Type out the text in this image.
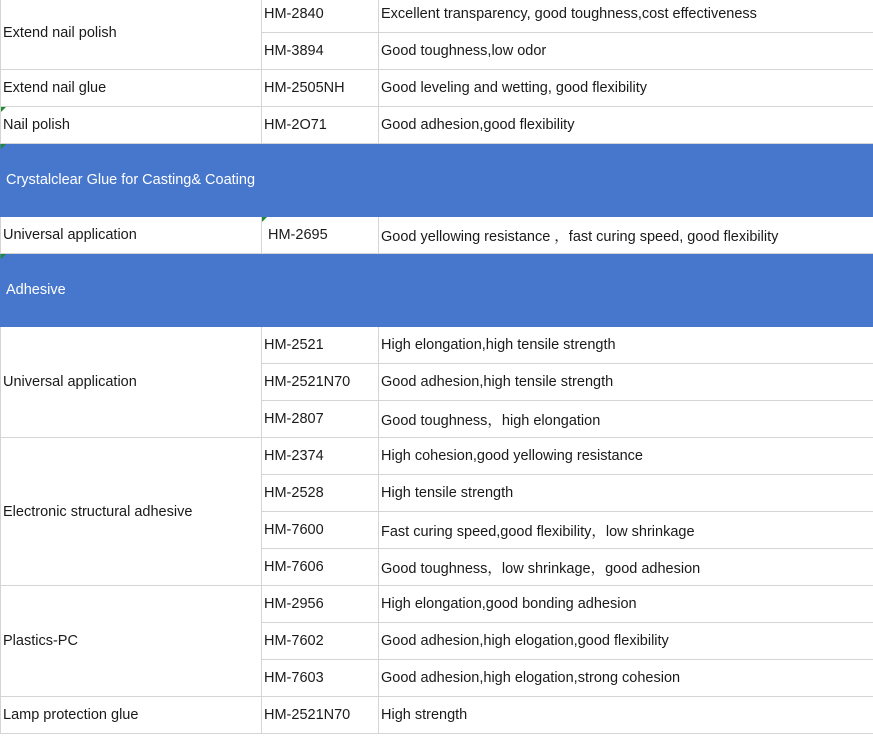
Extend nail polish	HM-2840	Excellent transparency, good toughness,cost effectiveness
	HM-3894	Good toughness,low odor
Extend nail glue	HM-2505NH	Good leveling and wetting, good flexibility

Nail polish	HM-2O71	Good adhesion,good flexibility

Crystalclear Glue for Casting& Coating		
Universal application	HM-2695	Good yellowing resistance ，fast curing speed, good flexibility

Adhesive		
Universal application	HM-2521	High elongation,high tensile strength
	HM-2521N70	Good adhesion,high tensile strength
	HM-2807	Good toughness，high elongation
Electronic structural adhesive	HM-2374	High cohesion,good yellowing resistance
	HM-2528	High tensile strength
	HM-7600	Fast curing speed,good flexibility，low shrinkage
	HM-7606	Good toughness，low shrinkage，good adhesion
Plastics-PC	HM-2956	High elongation,good bonding adhesion
	HM-7602	Good adhesion,high elogation,good flexibility
	HM-7603	Good adhesion,high elogation,strong cohesion
Lamp protection glue	HM-2521N70	High strength
